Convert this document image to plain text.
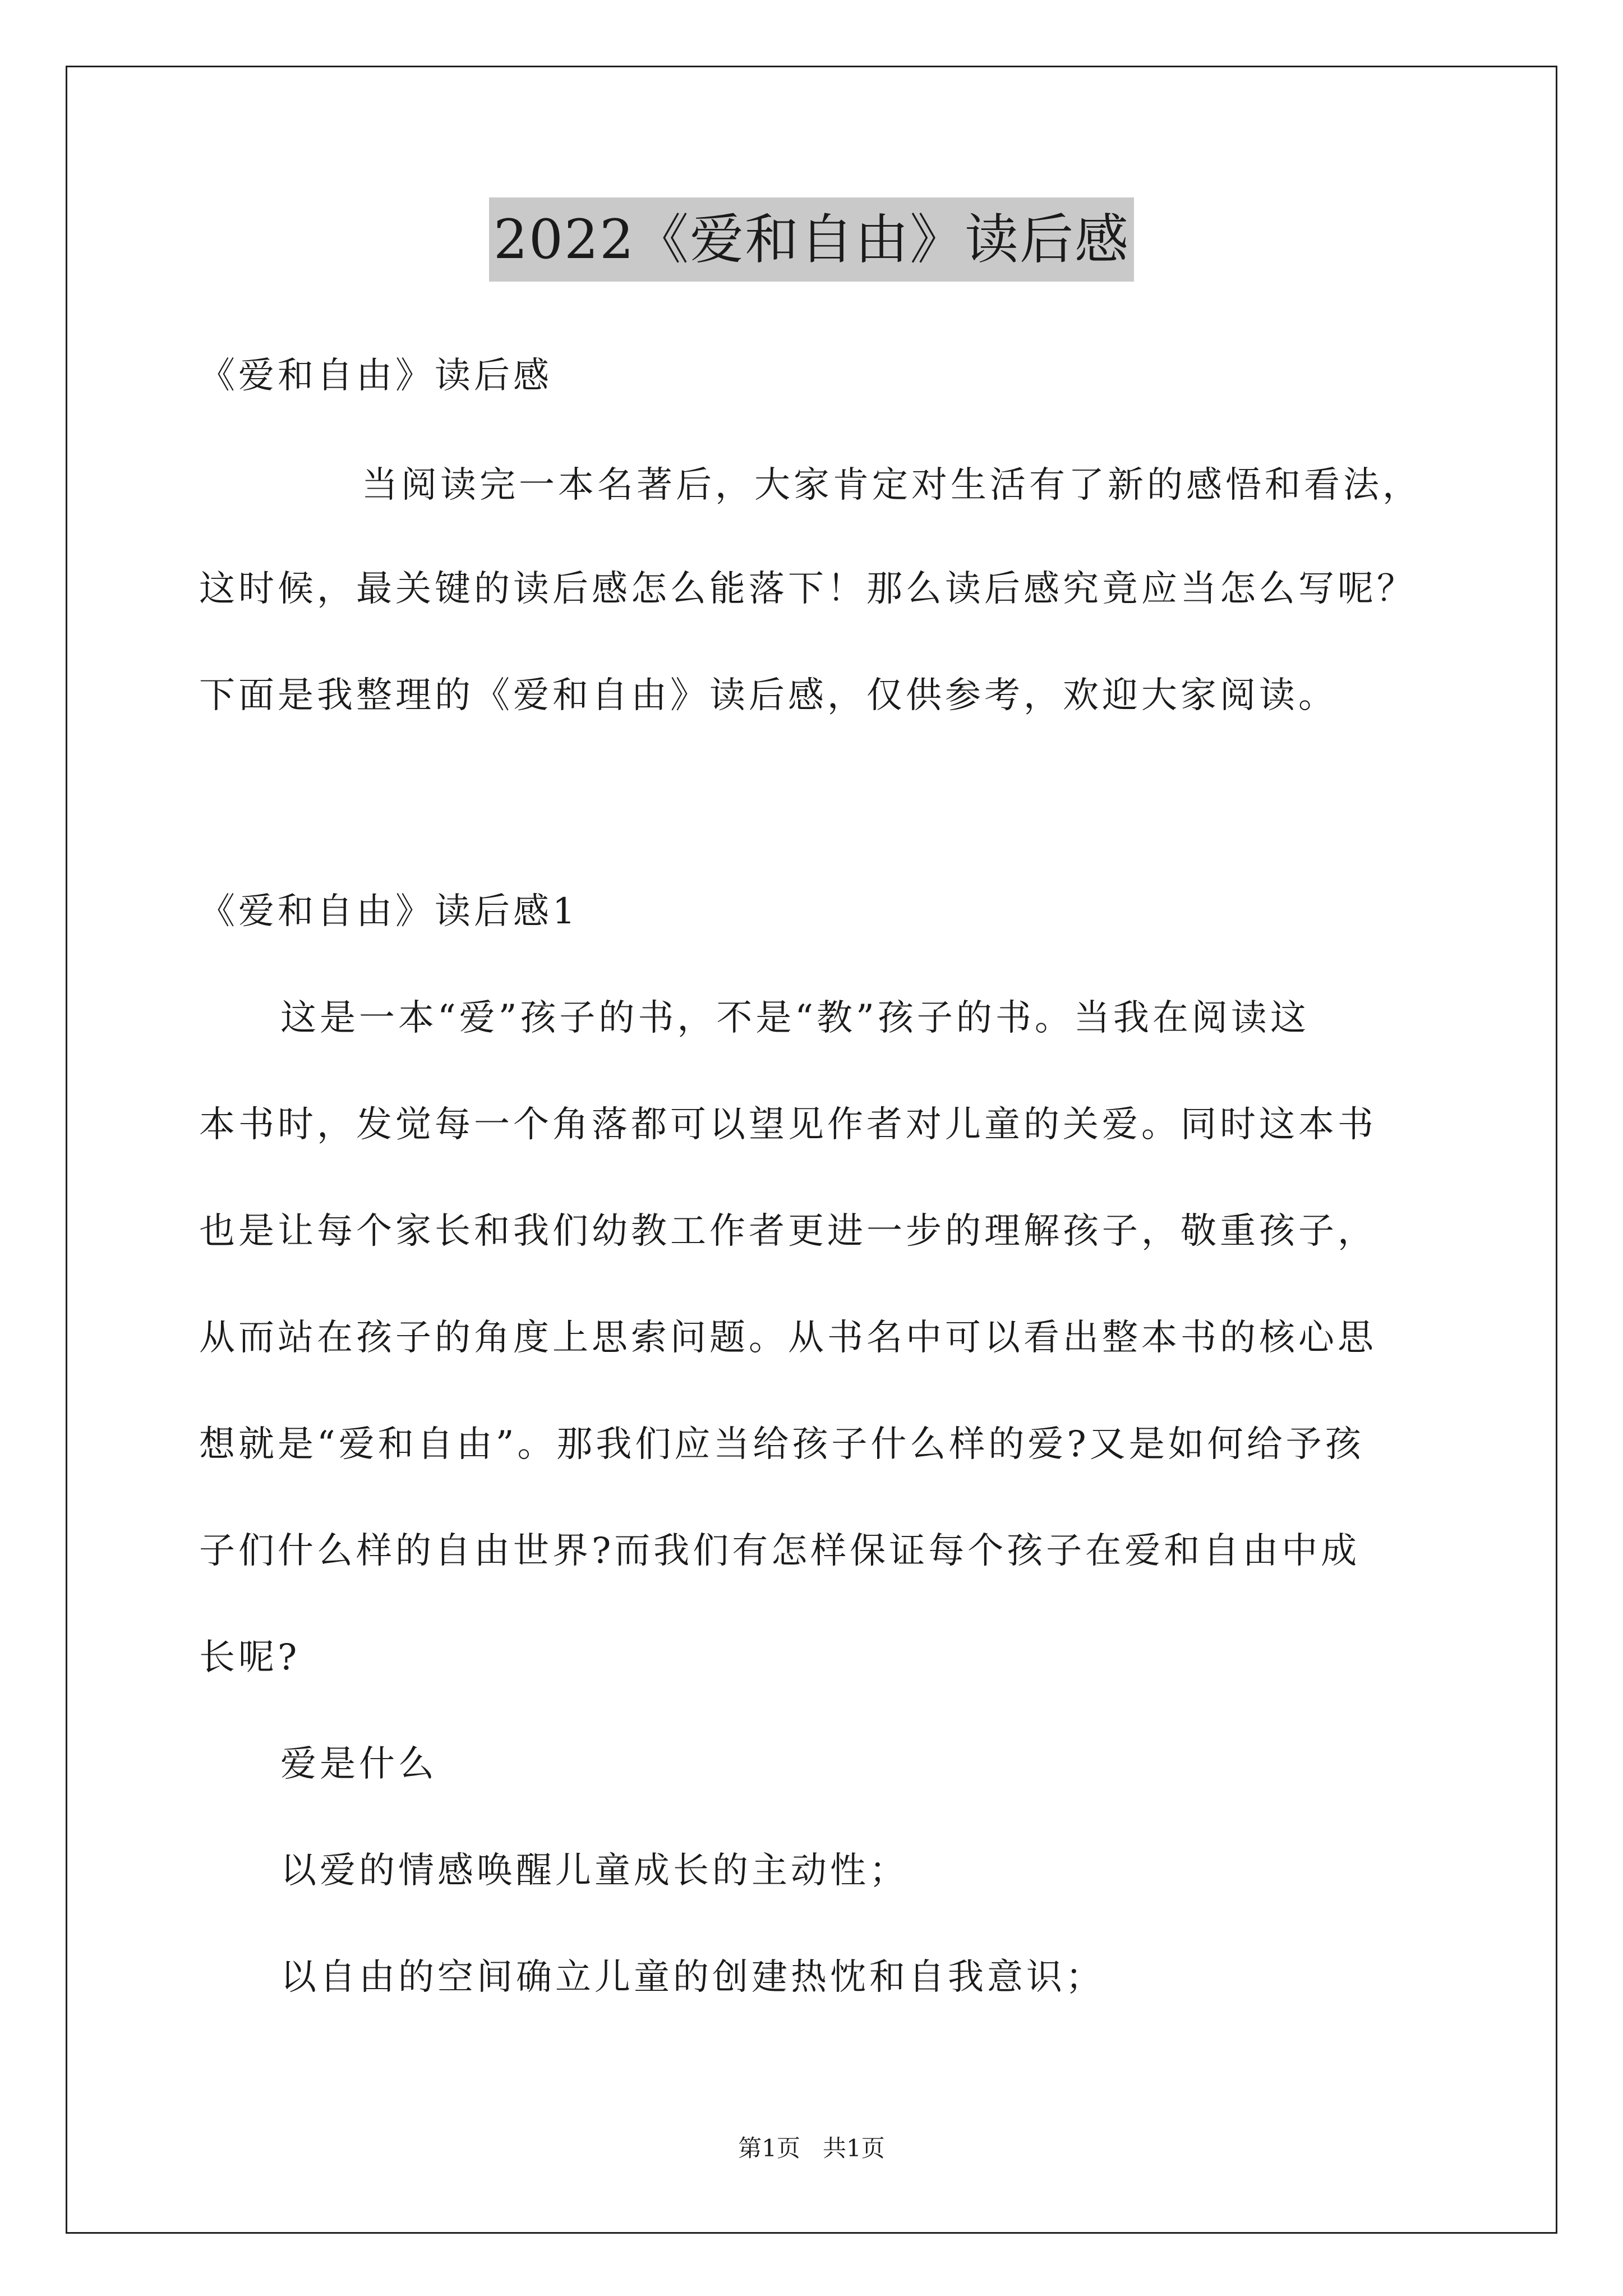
2022《爱和自由》读后感
《爱和自由》读后感
当阅读完一本名著后，大家肯定对生活有了新的感悟和看法，
这时候，最关键的读后感怎么能落下！那么读后感究竟应当怎么写呢？
下面是我整理的《爱和自由》读后感，仅供参考，欢迎大家阅读。
《爱和自由》读后感1
这是一本“爱”孩子的书，不是“教”孩子的书。当我在阅读这
本书时，发觉每一个角落都可以望见作者对儿童的关爱。同时这本书
也是让每个家长和我们幼教工作者更进一步的理解孩子，敬重孩子，
从而站在孩子的角度上思索问题。从书名中可以看出整本书的核心思
想就是“爱和自由”。那我们应当给孩子什么样的爱?又是如何给予孩
子们什么样的自由世界?而我们有怎样保证每个孩子在爱和自由中成
长呢?
爱是什么
以爱的情感唤醒儿童成长的主动性；
以自由的空间确立儿童的创建热忱和自我意识；
第1页   共1页
